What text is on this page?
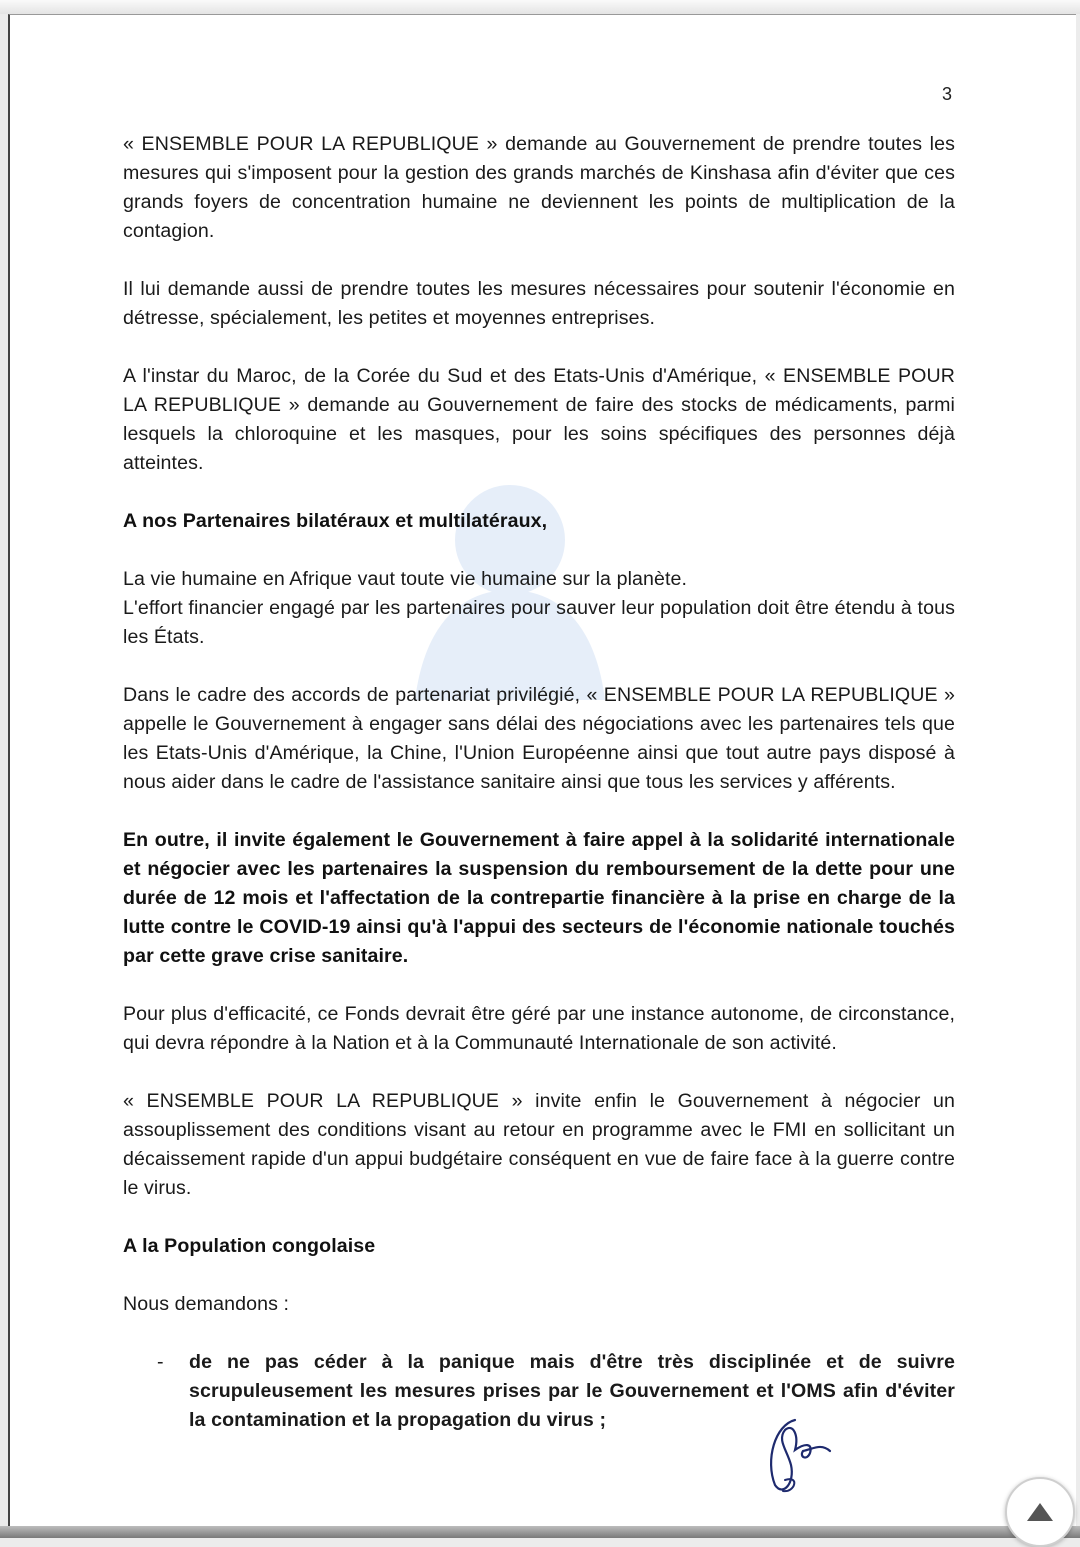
3

« ENSEMBLE POUR LA REPUBLIQUE » demande au Gouvernement de prendre toutes les mesures qui s'imposent pour la gestion des grands marchés de Kinshasa afin d'éviter que ces grands foyers de concentration humaine ne deviennent les points de multiplication de la contagion.

Il lui demande aussi de prendre toutes les mesures nécessaires pour soutenir l'économie en détresse, spécialement, les petites et moyennes entreprises.

A l'instar du Maroc, de la Corée du Sud et des Etats-Unis d'Amérique, « ENSEMBLE POUR LA REPUBLIQUE » demande au Gouvernement de faire des stocks de médicaments, parmi lesquels la chloroquine et les masques, pour les soins spécifiques des personnes déjà atteintes.

A nos Partenaires bilatéraux et multilatéraux,

La vie humaine en Afrique vaut toute vie humaine sur la planète.

L'effort financier engagé par les partenaires pour sauver leur population doit être étendu à tous les États.

Dans le cadre des accords de partenariat privilégié, « ENSEMBLE POUR LA REPUBLIQUE » appelle le Gouvernement à engager sans délai des négociations avec les partenaires tels que les Etats-Unis d'Amérique, la Chine, l'Union Européenne ainsi que tout autre pays disposé à nous aider dans le cadre de l'assistance sanitaire ainsi que tous les services y afférents.

En outre, il invite également le Gouvernement à faire appel à la solidarité internationale et négocier avec les partenaires la suspension du remboursement de la dette pour une durée de 12 mois et l'affectation de la contrepartie financière à la prise en charge de la lutte contre le COVID-19 ainsi qu'à l'appui des secteurs de l'économie nationale touchés par cette grave crise sanitaire.

Pour plus d'efficacité, ce Fonds devrait être géré par une instance autonome, de circonstance, qui devra répondre à la Nation et à la Communauté Internationale de son activité.

« ENSEMBLE POUR LA REPUBLIQUE » invite enfin le Gouvernement à négocier un assouplissement des conditions visant au retour en programme avec le FMI en sollicitant un décaissement rapide d'un appui budgétaire conséquent en vue de faire face à la guerre contre le virus.

A la Population congolaise

Nous demandons :

- de ne pas céder à la panique mais d'être très disciplinée et de suivre scrupuleusement les mesures prises par le Gouvernement et l'OMS afin d'éviter la contamination et la propagation du virus ;
